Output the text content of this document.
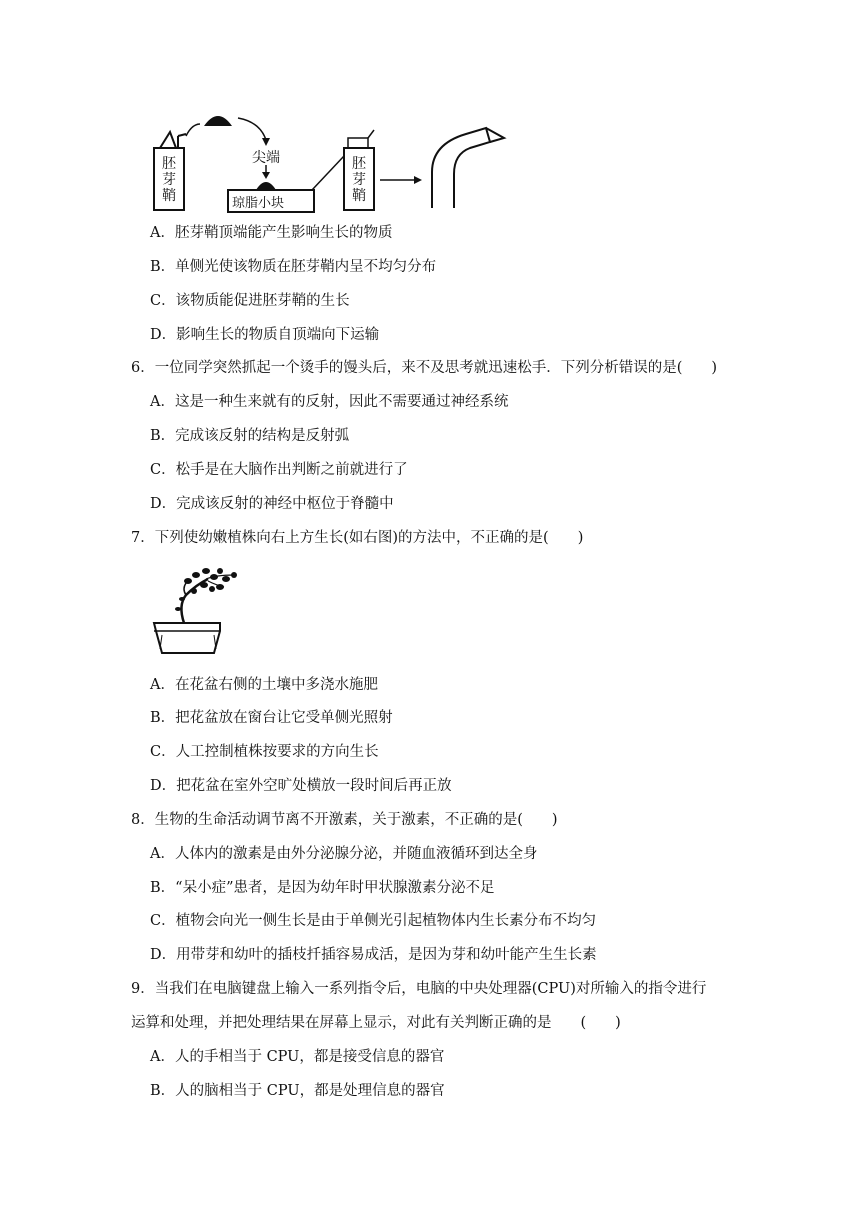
胚 芽 鞘
尖端
琼脂小块
胚 芽 鞘
A．胚芽鞘顶端能产生影响生长的物质
B．单侧光使该物质在胚芽鞘内呈不均匀分布
C．该物质能促进胚芽鞘的生长
D．影响生长的物质自顶端向下运输
6．一位同学突然抓起一个烫手的馒头后，来不及思考就迅速松手．下列分析错误的是(　　)
A．这是一种生来就有的反射，因此不需要通过神经系统
B．完成该反射的结构是反射弧
C．松手是在大脑作出判断之前就进行了
D．完成该反射的神经中枢位于脊髓中
7．下列使幼嫩植株向右上方生长(如右图)的方法中，不正确的是(　　)
A．在花盆右侧的土壤中多浇水施肥
B．把花盆放在窗台让它受单侧光照射
C．人工控制植株按要求的方向生长
D．把花盆在室外空旷处横放一段时间后再正放
8．生物的生命活动调节离不开激素，关于激素，不正确的是(　　)
A．人体内的激素是由外分泌腺分泌，并随血液循环到达全身
B．“呆小症”患者，是因为幼年时甲状腺激素分泌不足
C．植物会向光一侧生长是由于单侧光引起植物体内生长素分布不均匀
D．用带芽和幼叶的插枝扦插容易成活，是因为芽和幼叶能产生生长素
9．当我们在电脑键盘上输入一系列指令后，电脑的中央处理器(CPU)对所输入的指令进行
运算和处理，并把处理结果在屏幕上显示，对此有关判断正确的是　　(　　)
A．人的手相当于 CPU，都是接受信息的器官
B．人的脑相当于 CPU，都是处理信息的器官
